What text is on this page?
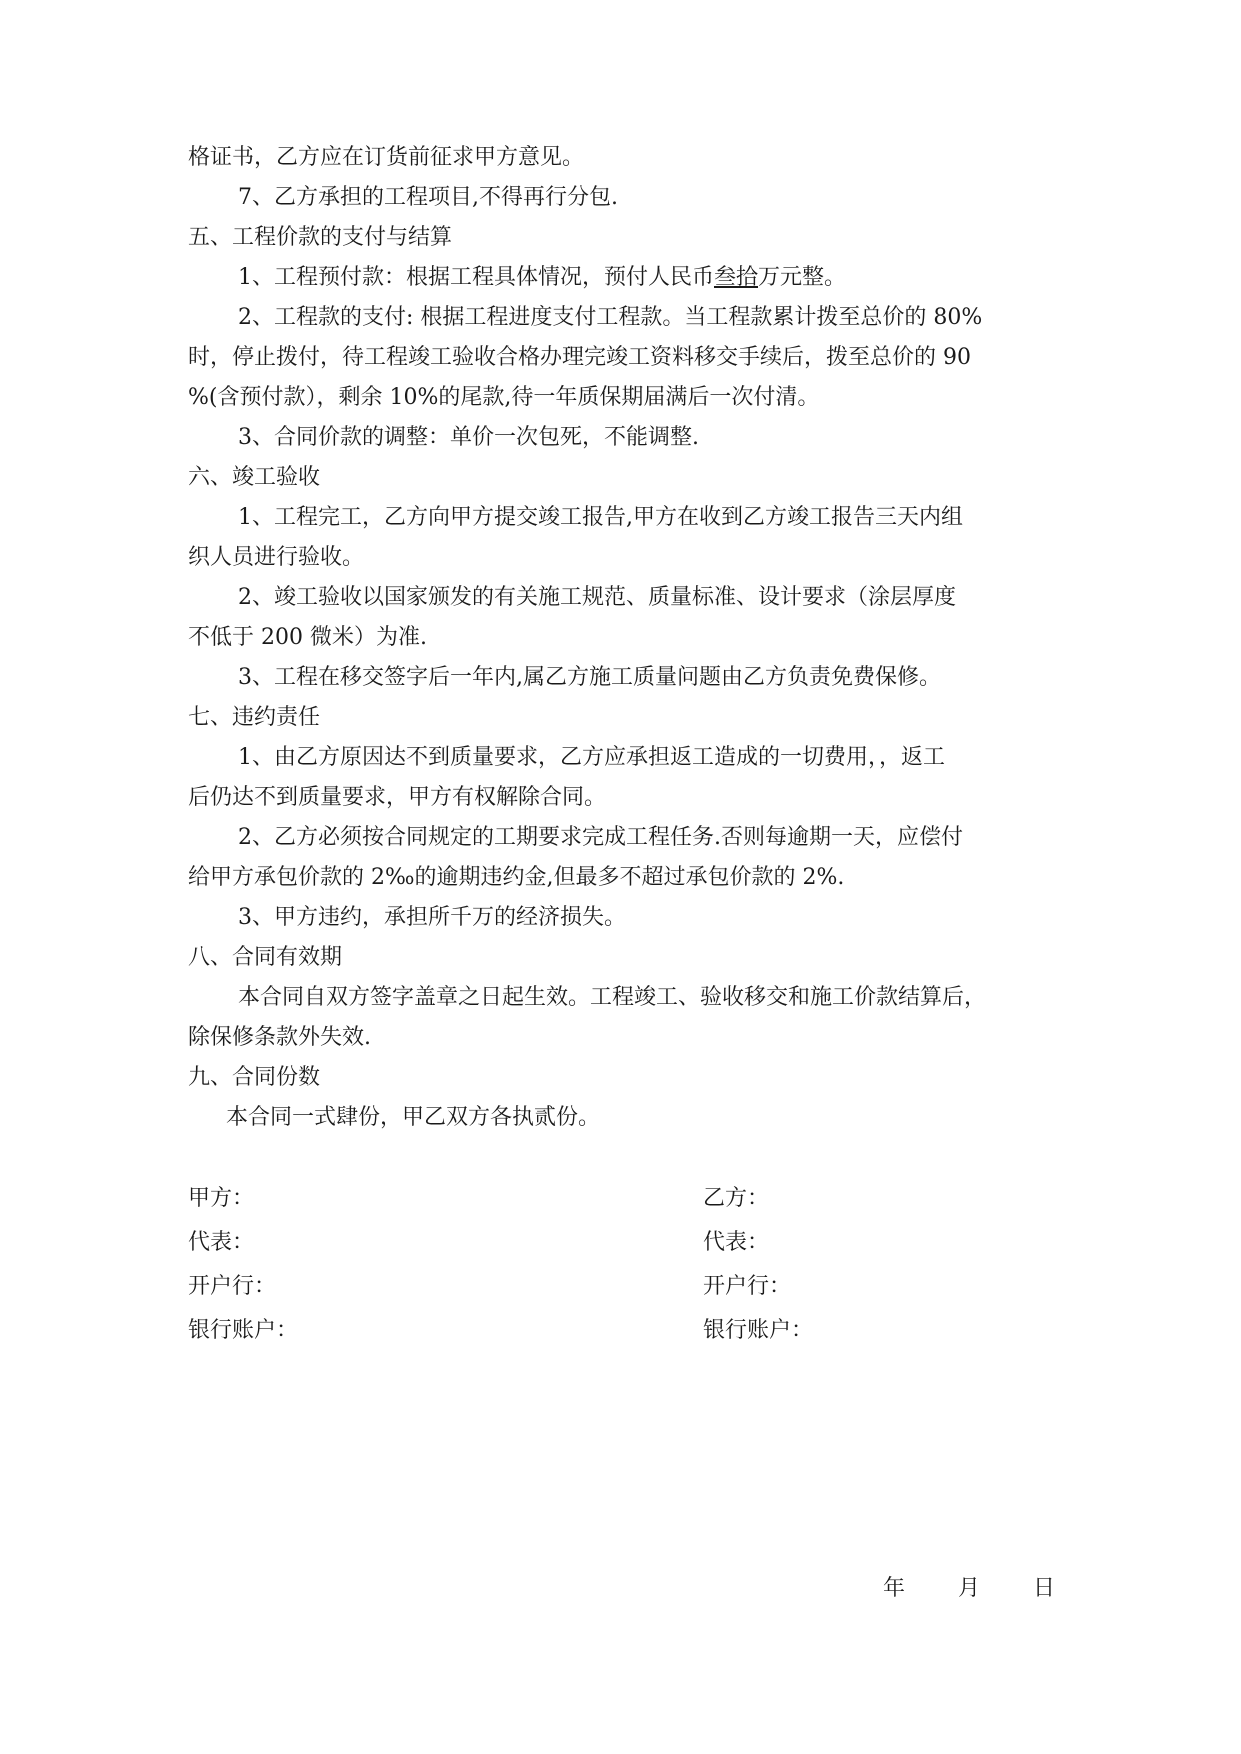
格证书，乙方应在订货前征求甲方意见。
7、乙方承担的工程项目,不得再行分包.
五、工程价款的支付与结算
1、工程预付款：根据工程具体情况，预付人民币叁拾万元整。
2、工程款的支付: 根据工程进度支付工程款。当工程款累计拨至总价的 80%
时，停止拨付，待工程竣工验收合格办理完竣工资料移交手续后，拨至总价的 90
%(含预付款），剩余 10%的尾款,待一年质保期届满后一次付清。
3、合同价款的调整：单价一次包死，不能调整.
六、竣工验收
1、工程完工，乙方向甲方提交竣工报告,甲方在收到乙方竣工报告三天内组
织人员进行验收。
2、竣工验收以国家颁发的有关施工规范、质量标准、设计要求（涂层厚度
不低于 200 微米）为准.
3、工程在移交签字后一年内,属乙方施工质量问题由乙方负责免费保修。
七、违约责任
1、由乙方原因达不到质量要求，乙方应承担返工造成的一切费用，，返工
后仍达不到质量要求，甲方有权解除合同。
2、乙方必须按合同规定的工期要求完成工程任务.否则每逾期一天，应偿付
给甲方承包价款的 2‰的逾期违约金,但最多不超过承包价款的 2%.
3、甲方违约，承担所千万的经济损失。
八、合同有效期
本合同自双方签字盖章之日起生效。工程竣工、验收移交和施工价款结算后，
除保修条款外失效.
九、合同份数
本合同一式肆份，甲乙双方各执贰份。
甲方：	乙方：
代表：	代表：
开户行：	开户行：
银行账户：	银行账户：
年 月 日
